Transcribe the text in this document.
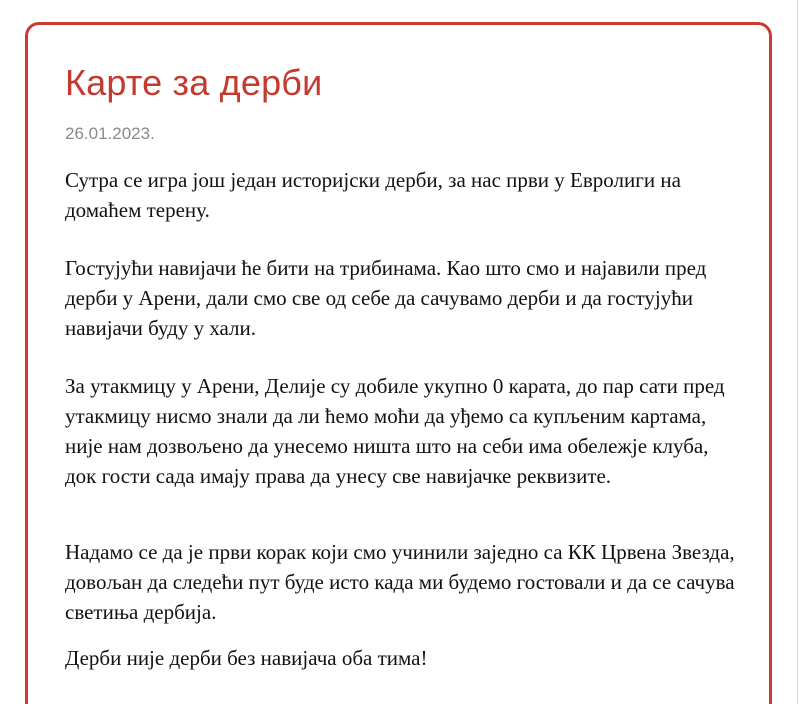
Карте за дерби
26.01.2023.

Сутра се игра још један историјски дерби, за нас први у Евролиги на домаћем терену.

Гостујући навијачи ће бити на трибинама. Као што смо и најавили пред дерби у Арени, дали смо све од себе да сачувамо дерби и да гостујући навијачи буду у хали.

За утакмицу у Арени, Делије су добиле укупно 0 карата, до пар сати пред утакмицу нисмо знали да ли ћемо моћи да уђемо са купљеним картама, није нам дозвољено да унесемо ништа што на себи има обележје клуба, док гости сада имају права да унесу све навијачке реквизите.

Надамо се да је први корак који смо учинили заједно са КК Црвена Звезда, довољан да следећи пут буде исто када ми будемо гостовали и да се сачува светиња дербија.

Дерби није дерби без навијача оба тима!
